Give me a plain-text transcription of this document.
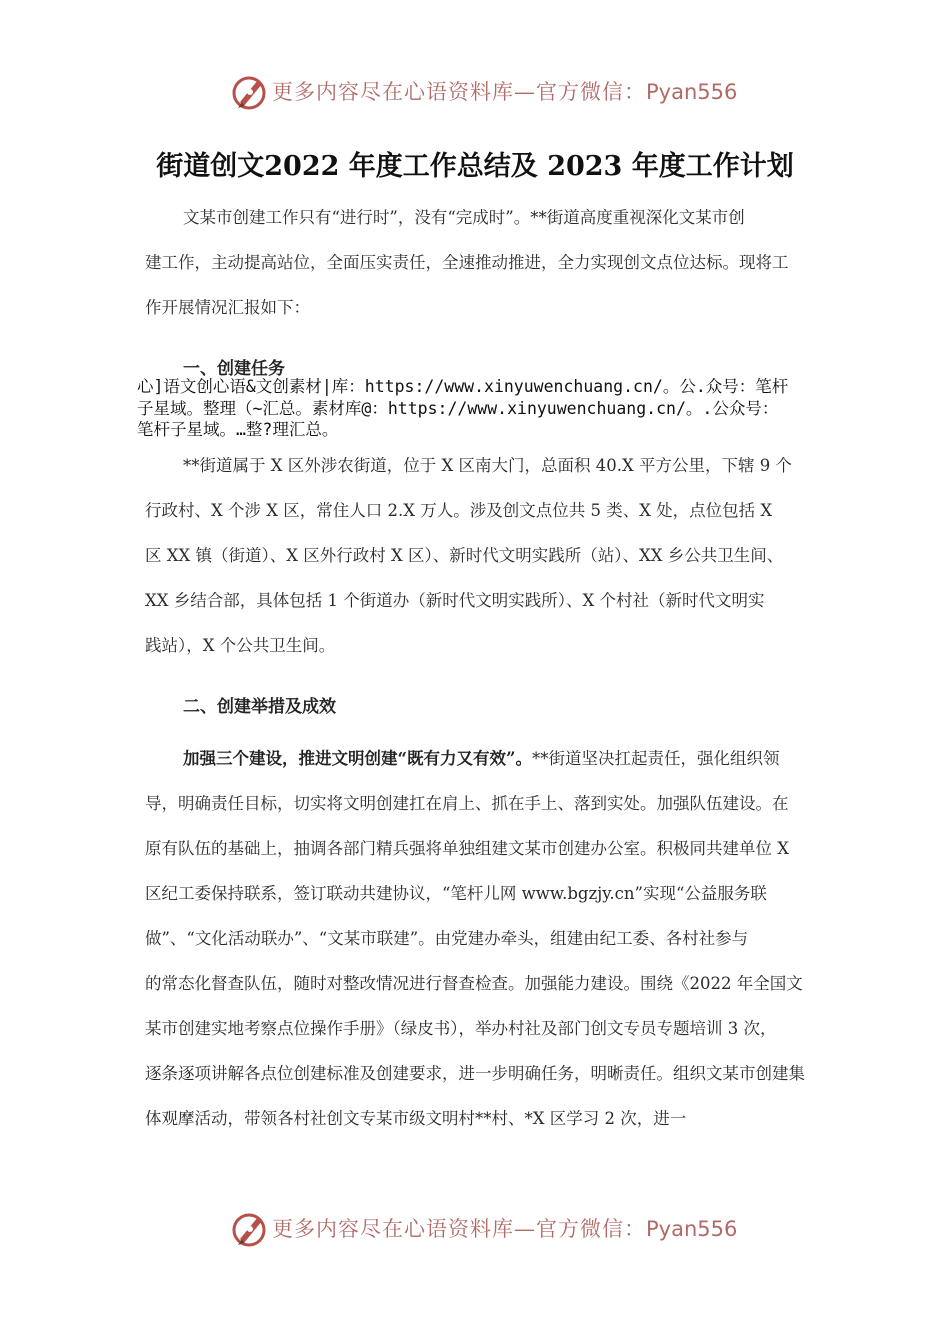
更多内容尽在心语资料库—官方微信：Pyan556
街道创文2022 年度工作总结及 2023 年度工作计划
文某市创建工作只有“进行时”，没有“完成时”。**街道高度重视深化文某市创
建工作，主动提高站位，全面压实责任，全速推动推进，全力实现创文点位达标。现将工
作开展情况汇报如下：
一、创建任务
心]语文创心语&文创素材|库：https://www.xinyuwenchuang.cn/。公.众号：笔杆
子星域。整理（~汇总。素材库@：https://www.xinyuwenchuang.cn/。.公众号：
笔杆子星域。…整?理汇总。
**街道属于 X 区外涉农街道，位于 X 区南大门，总面积 40.X 平方公里，下辖 9 个
行政村、X 个涉 X 区，常住人口 2.X 万人。涉及创文点位共 5 类、X 处，点位包括 X
区 XX 镇（街道）、X 区外行政村 X 区）、新时代文明实践所（站）、XX 乡公共卫生间、
XX 乡结合部，具体包括 1 个街道办（新时代文明实践所）、X 个村社（新时代文明实
践站），X 个公共卫生间。
二、创建举措及成效
加强三个建设，推进文明创建“既有力又有效”。**街道坚决扛起责任，强化组织领
导，明确责任目标，切实将文明创建扛在肩上、抓在手上、落到实处。加强队伍建设。在
原有队伍的基础上，抽调各部门精兵强将单独组建文某市创建办公室。积极同共建单位 X
区纪工委保持联系，签订联动共建协议，“笔杆儿网 www.bgzjy.cn”实现“公益服务联
做”、“文化活动联办”、“文某市联建”。由党建办牵头，组建由纪工委、各村社参与
的常态化督查队伍，随时对整改情况进行督查检查。加强能力建设。围绕《2022 年全国文
某市创建实地考察点位操作手册》（绿皮书），举办村社及部门创文专员专题培训 3 次，
逐条逐项讲解各点位创建标准及创建要求，进一步明确任务，明晰责任。组织文某市创建集
体观摩活动，带领各村社创文专某市级文明村**村、*X 区学习 2 次，进一
更多内容尽在心语资料库—官方微信：Pyan556
